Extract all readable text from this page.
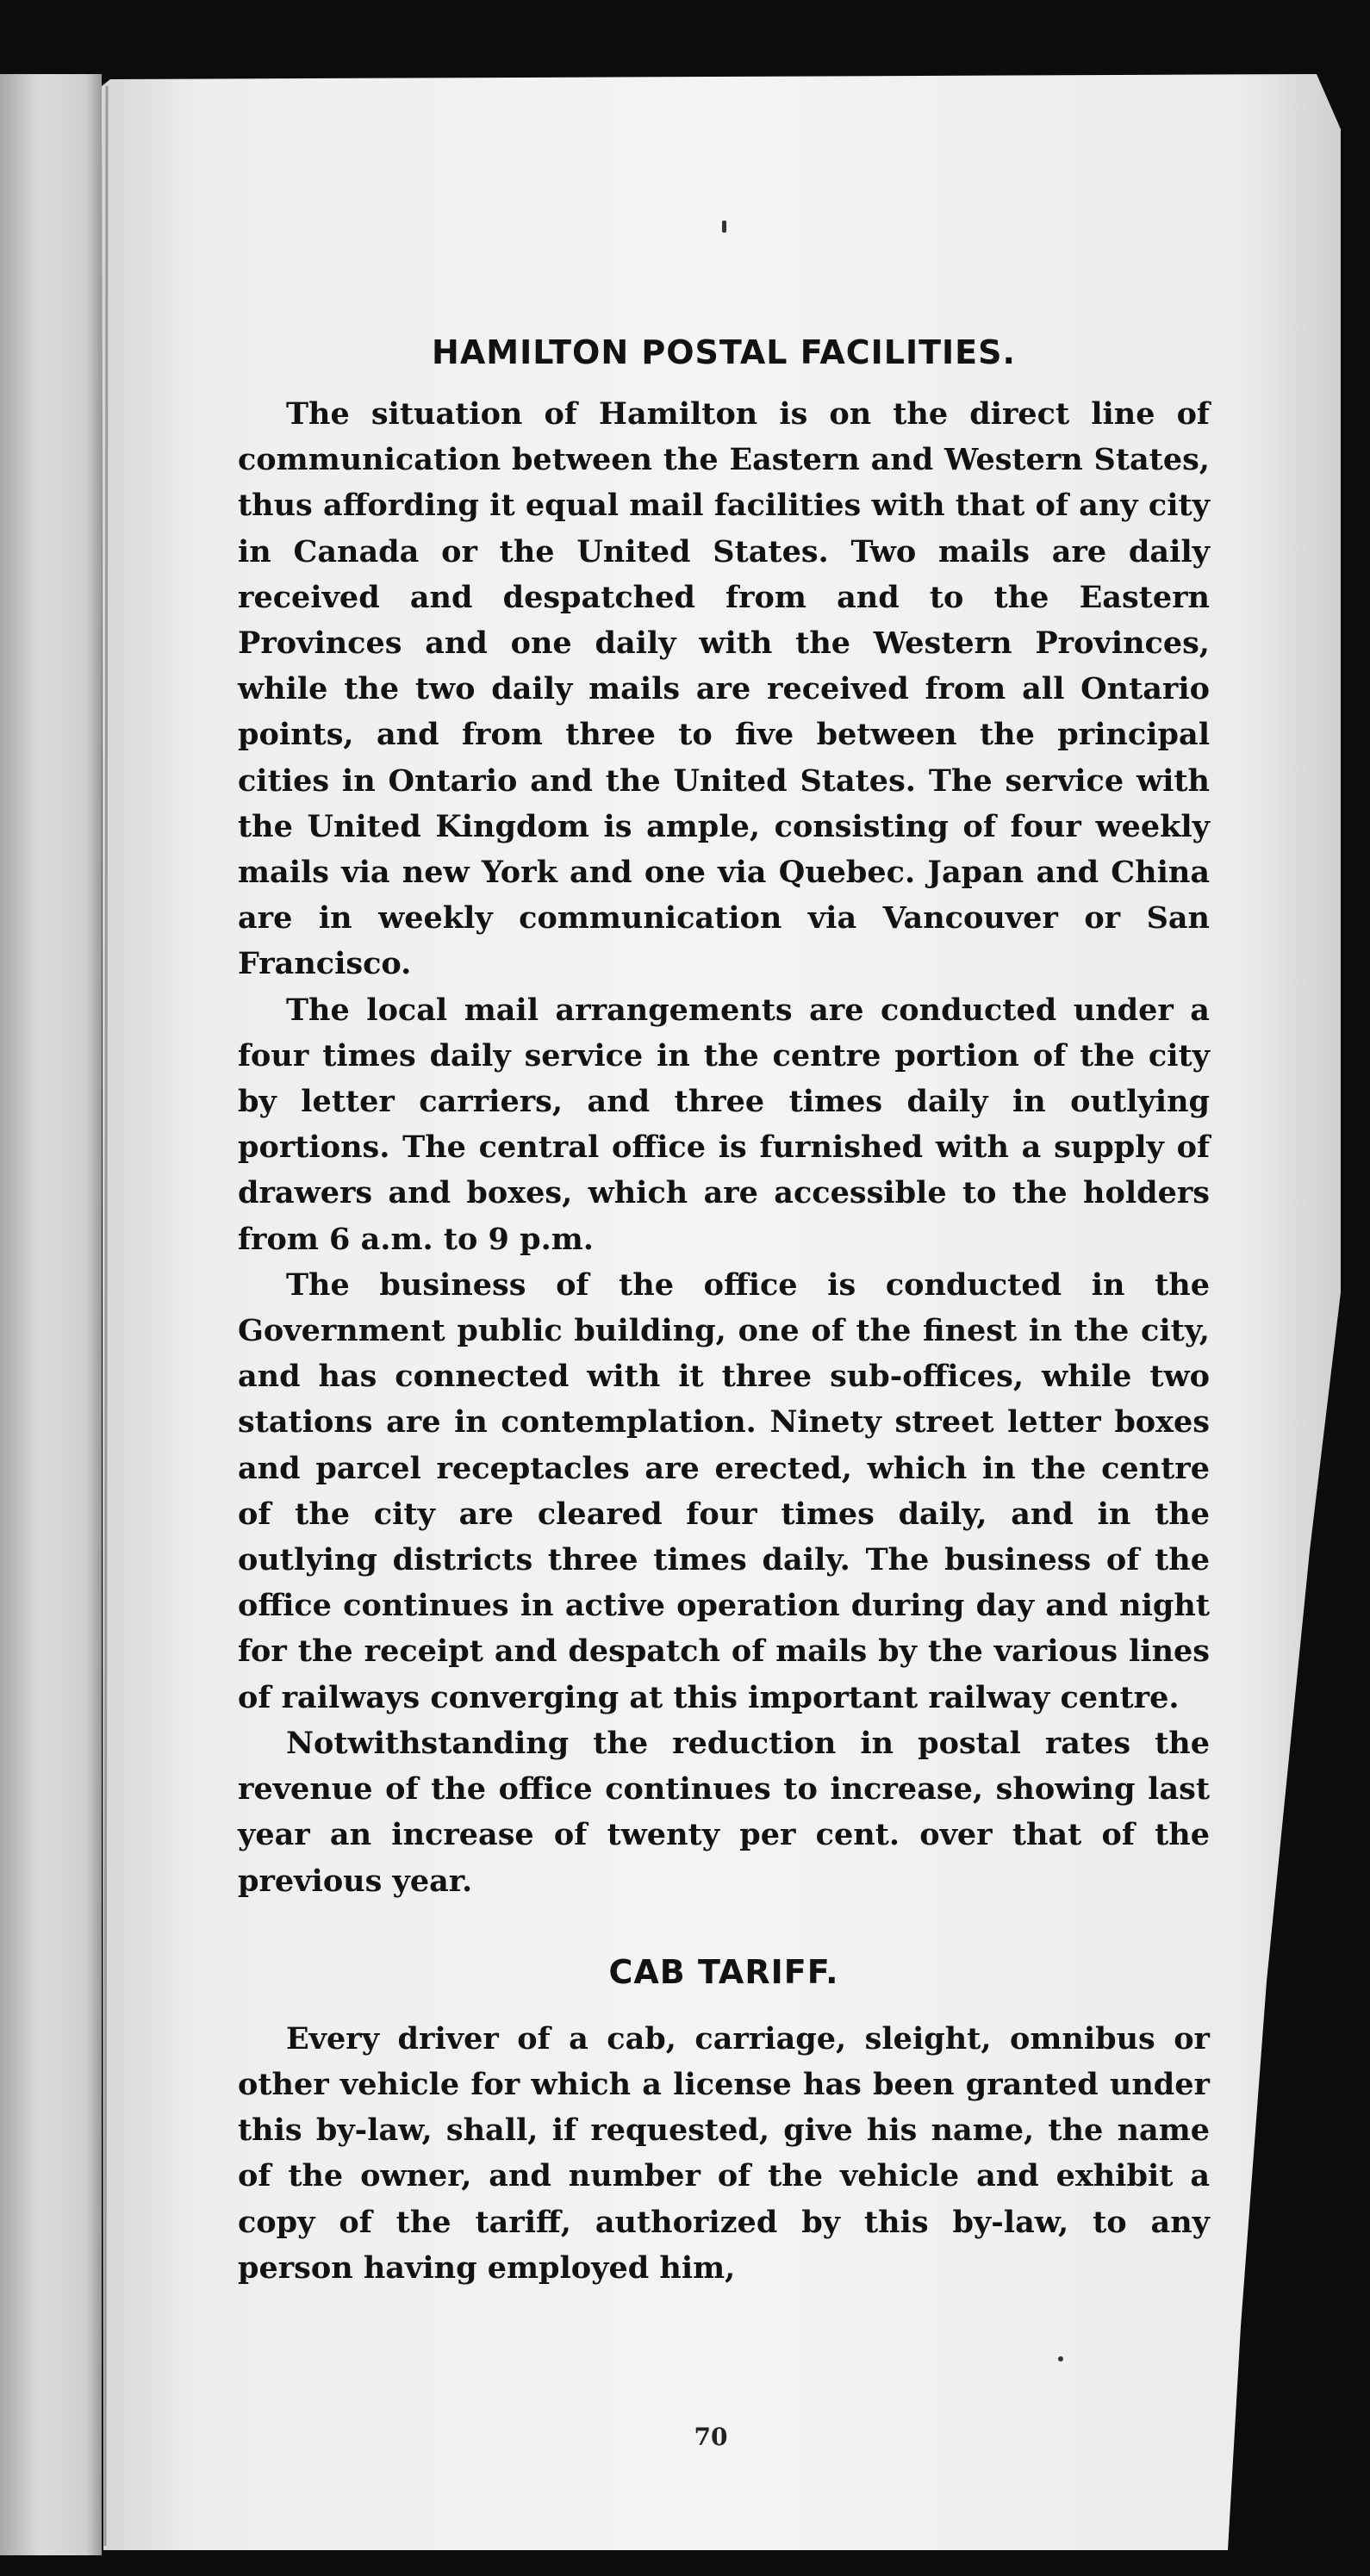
HAMILTON POSTAL FACILITIES.

The situation of Hamilton is on the direct line of communication between the Eastern and Western States, thus affording it equal mail facilities with that of any city in Canada or the United States. Two mails are daily received and despatched from and to the Eastern Provinces and one daily with the Western Provinces, while the two daily mails are received from all Ontario points, and from three to five between the principal cities in Ontario and the United States. The service with the United Kingdom is ample, consisting of four weekly mails via new York and one via Quebec. Japan and China are in weekly communication via Vancouver or San Francisco.

The local mail arrangements are conducted under a four times daily service in the centre portion of the city by letter carriers, and three times daily in outlying portions. The central office is furnished with a supply of drawers and boxes, which are accessible to the holders from 6 a.m. to 9 p.m.

The business of the office is conducted in the Government public building, one of the finest in the city, and has connected with it three sub-offices, while two stations are in contemplation. Ninety street letter boxes and parcel receptacles are erected, which in the centre of the city are cleared four times daily, and in the outlying districts three times daily. The business of the office continues in active operation during day and night for the receipt and despatch of mails by the various lines of railways converging at this important railway centre.

Notwithstanding the reduction in postal rates the revenue of the office continues to increase, showing last year an increase of twenty per cent. over that of the previous year.

CAB TARIFF.

Every driver of a cab, carriage, sleight, omnibus or other vehicle for which a license has been granted under this by-law, shall, if requested, give his name, the name of the owner, and number of the vehicle and exhibit a copy of the tariff, authorized by this by-law, to any person having employed him,

70
